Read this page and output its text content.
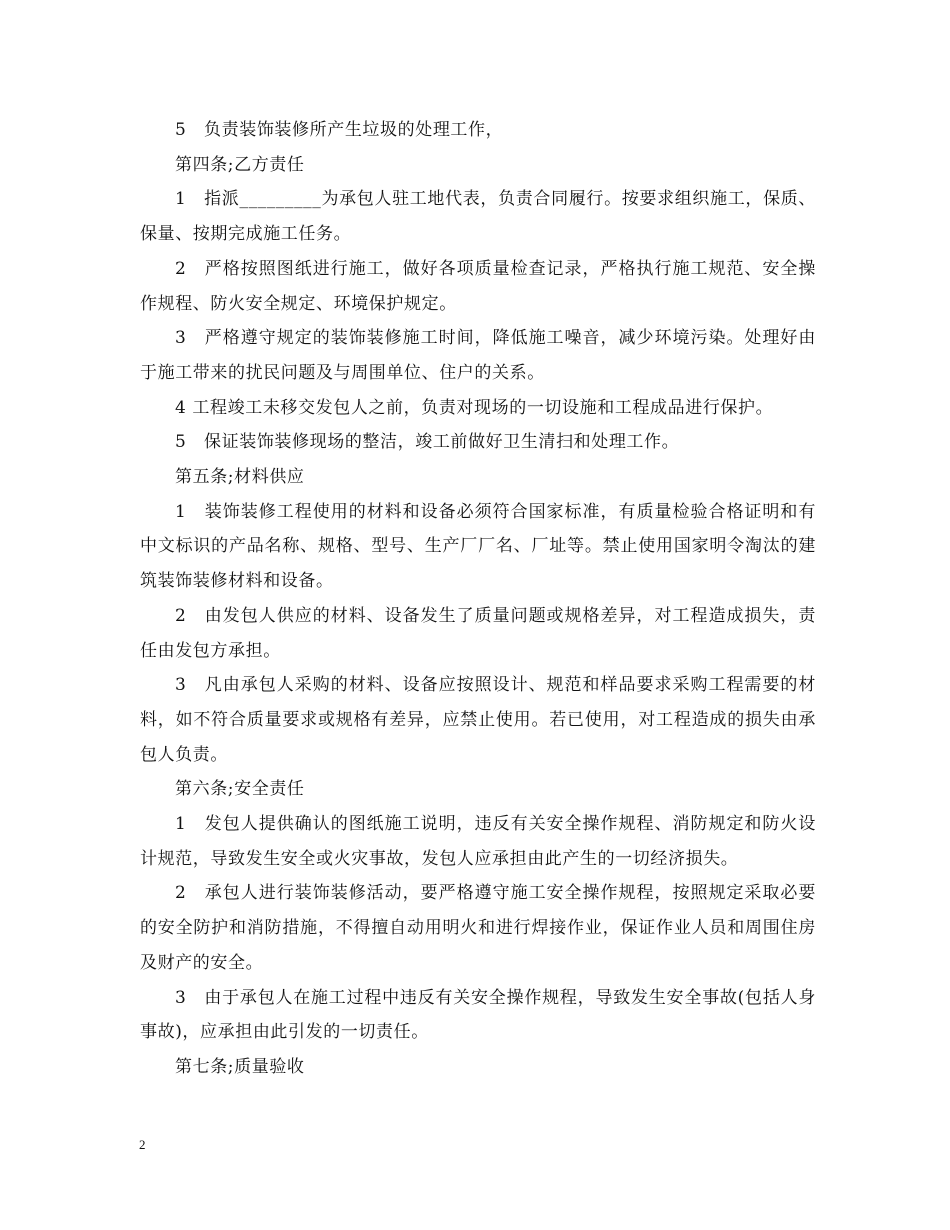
5　负责装饰装修所产生垃圾的处理工作，

第四条;乙方责任

1　指派_________为承包人驻工地代表，负责合同履行。按要求组织施工，保质、保量、按期完成施工任务。

2　严格按照图纸进行施工，做好各项质量检查记录，严格执行施工规范、安全操作规程、防火安全规定、环境保护规定。

3　严格遵守规定的装饰装修施工时间，降低施工噪音，减少环境污染。处理好由于施工带来的扰民问题及与周围单位、住户的关系。

4 工程竣工未移交发包人之前，负责对现场的一切设施和工程成品进行保护。

5　保证装饰装修现场的整洁，竣工前做好卫生清扫和处理工作。

第五条;材料供应

1　装饰装修工程使用的材料和设备必须符合国家标准，有质量检验合格证明和有中文标识的产品名称、规格、型号、生产厂厂名、厂址等。禁止使用国家明令淘汰的建筑装饰装修材料和设备。

2　由发包人供应的材料、设备发生了质量问题或规格差异，对工程造成损失，责任由发包方承担。

3　凡由承包人采购的材料、设备应按照设计、规范和样品要求采购工程需要的材料，如不符合质量要求或规格有差异，应禁止使用。若已使用，对工程造成的损失由承包人负责。

第六条;安全责任

1　发包人提供确认的图纸施工说明，违反有关安全操作规程、消防规定和防火设计规范，导致发生安全或火灾事故，发包人应承担由此产生的一切经济损失。

2　承包人进行装饰装修活动，要严格遵守施工安全操作规程，按照规定采取必要的安全防护和消防措施，不得擅自动用明火和进行焊接作业，保证作业人员和周围住房及财产的安全。

3　由于承包人在施工过程中违反有关安全操作规程，导致发生安全事故(包括人身事故)，应承担由此引发的一切责任。

第七条;质量验收

2
